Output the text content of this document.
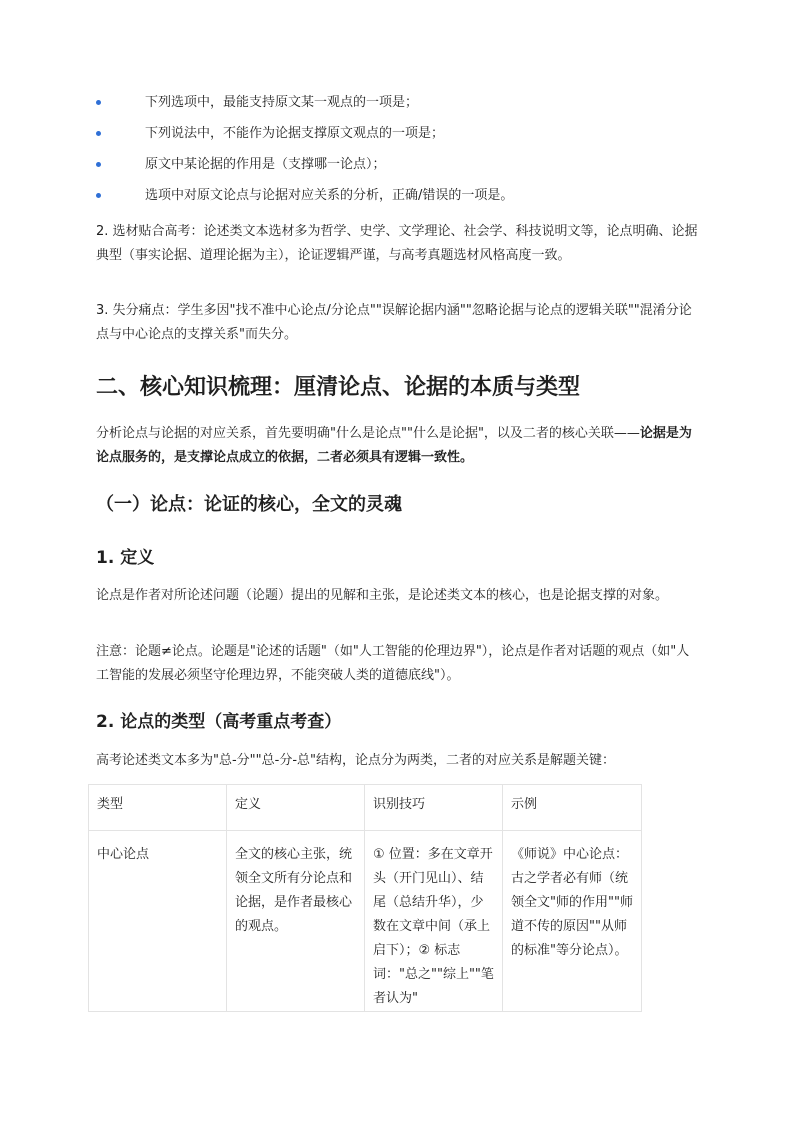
下列选项中，最能支持原文某一观点的一项是；
下列说法中，不能作为论据支撑原文观点的一项是；
原文中某论据的作用是（支撑哪一论点）；
选项中对原文论点与论据对应关系的分析，正确/错误的一项是。

2. 选材贴合高考：论述类文本选材多为哲学、史学、文学理论、社会学、科技说明文等，论点明确、论据典型（事实论据、道理论据为主），论证逻辑严谨，与高考真题选材风格高度一致。

3. 失分痛点：学生多因"找不准中心论点/分论点""误解论据内涵""忽略论据与论点的逻辑关联""混淆分论点与中心论点的支撑关系"而失分。

二、核心知识梳理：厘清论点、论据的本质与类型

分析论点与论据的对应关系，首先要明确"什么是论点""什么是论据"，以及二者的核心关联——论据是为论点服务的，是支撑论点成立的依据，二者必须具有逻辑一致性。

（一）论点：论证的核心，全文的灵魂
1. 定义

论点是作者对所论述问题（论题）提出的见解和主张，是论述类文本的核心，也是论据支撑的对象。

注意：论题≠论点。论题是"论述的话题"（如"人工智能的伦理边界"），论点是作者对话题的观点（如"人工智能的发展必须坚守伦理边界，不能突破人类的道德底线"）。

2. 论点的类型（高考重点考查）

高考论述类文本多为"总-分""总-分-总"结构，论点分为两类，二者的对应关系是解题关键：

类型	定义	识别技巧	示例

中心论点	全文的核心主张，统领全文所有分论点和论据，是作者最核心的观点。	① 位置：多在文章开头（开门见山）、结尾（总结升华），少数在文章中间（承上启下）；② 标志词："总之""综上""笔者认为"	《师说》中心论点：古之学者必有师（统领全文"师的作用""师道不传的原因""从师的标准"等分论点）。
